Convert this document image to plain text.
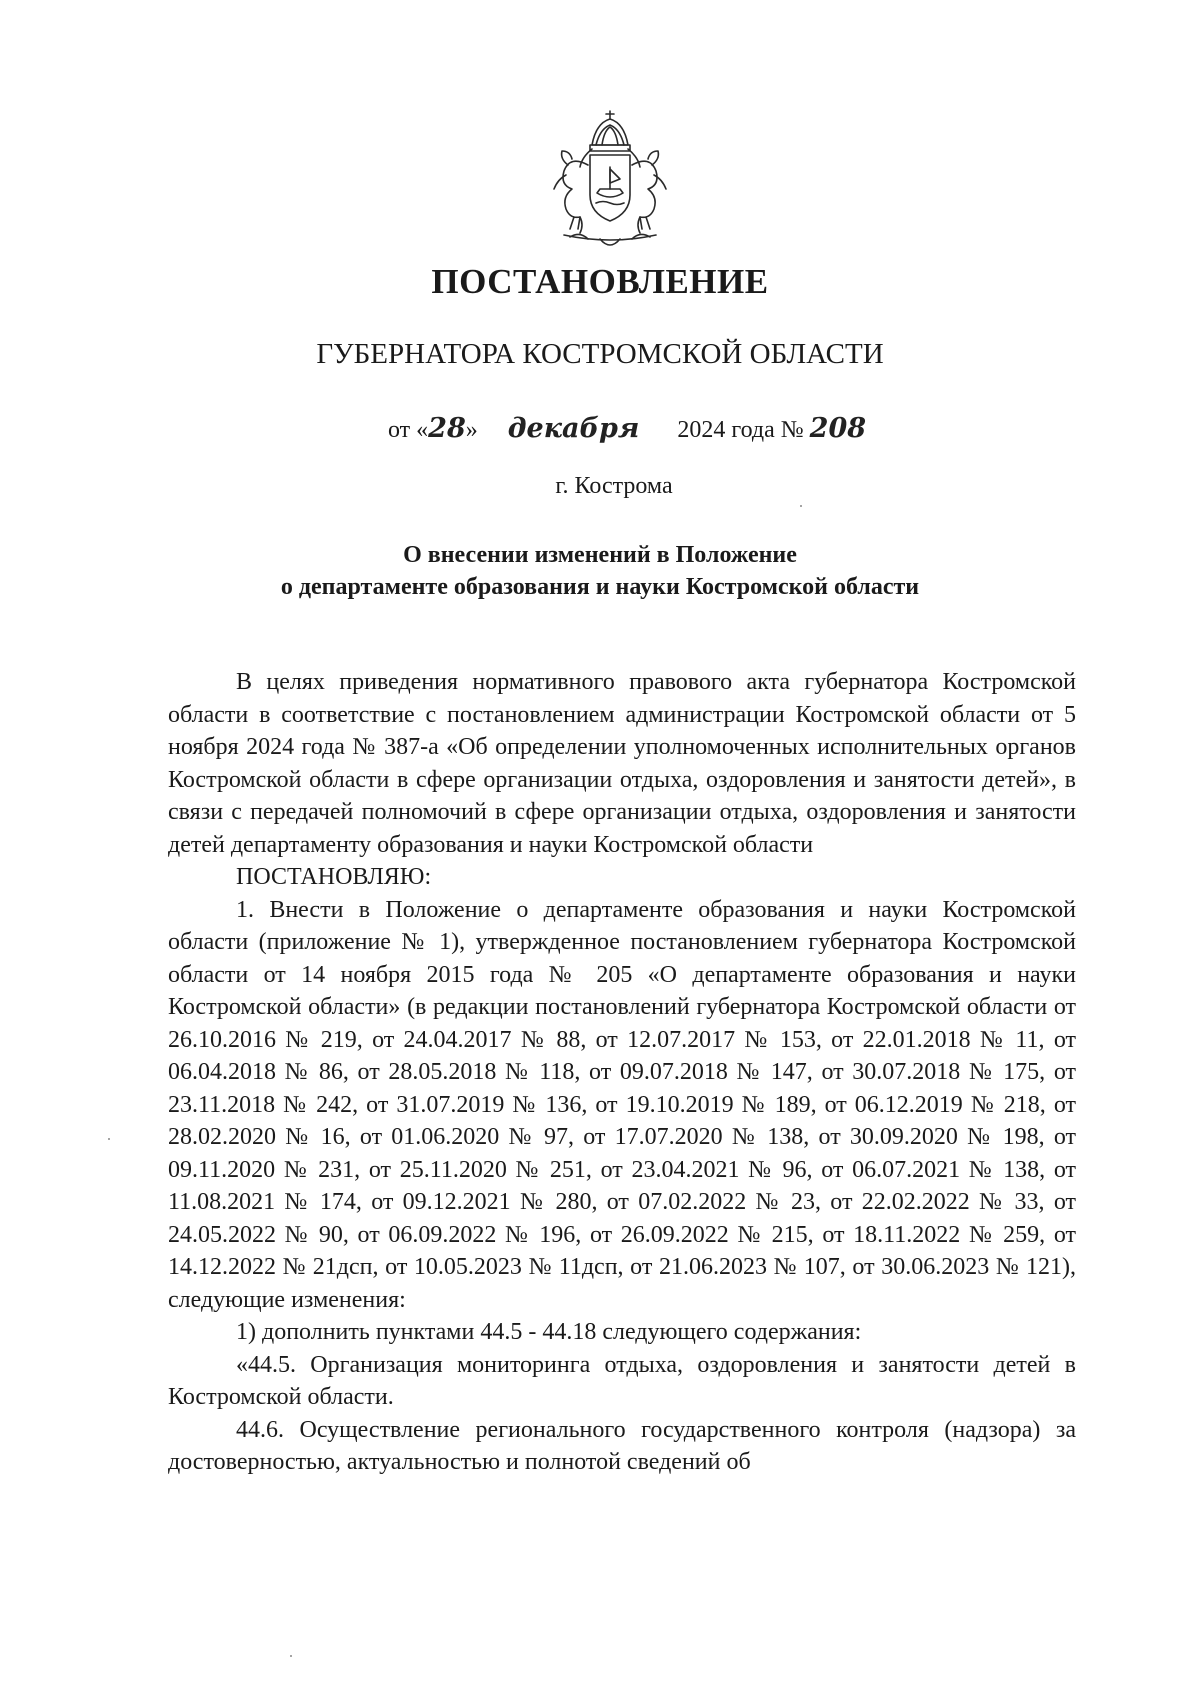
ПОСТАНОВЛЕНИЕ
ГУБЕРНАТОРА КОСТРОМСКОЙ ОБЛАСТИ
от «28» декабря 2024 года № 208
г. Кострома
О внесении изменений в Положение
о департаменте образования и науки Костромской области

В целях приведения нормативного правового акта губернатора Костромской области в соответствие с постановлением администрации Костромской области от 5 ноября 2024 года № 387-а «Об определении уполномоченных исполнительных органов Костромской области в сфере организации отдыха, оздоровления и занятости детей», в связи с передачей полномочий в сфере организации отдыха, оздоровления и занятости детей департаменту образования и науки Костромской области

ПОСТАНОВЛЯЮ:

1. Внести в Положение о департаменте образования и науки Костромской области (приложение № 1), утвержденное постановлением губернатора Костромской области от 14 ноября 2015 года № 205 «О департаменте образования и науки Костромской области» (в редакции постановлений губернатора Костромской области от 26.10.2016 № 219, от 24.04.2017 № 88, от 12.07.2017 № 153, от 22.01.2018 № 11, от 06.04.2018 № 86, от 28.05.2018 № 118, от 09.07.2018 № 147, от 30.07.2018 № 175, от 23.11.2018 № 242, от 31.07.2019 № 136, от 19.10.2019 № 189, от 06.12.2019 № 218, от 28.02.2020 № 16, от 01.06.2020 № 97, от 17.07.2020 № 138, от 30.09.2020 № 198, от 09.11.2020 № 231, от 25.11.2020 № 251, от 23.04.2021 № 96, от 06.07.2021 № 138, от 11.08.2021 № 174, от 09.12.2021 № 280, от 07.02.2022 № 23, от 22.02.2022 № 33, от 24.05.2022 № 90, от 06.09.2022 № 196, от 26.09.2022 № 215, от 18.11.2022 № 259, от 14.12.2022 № 21дсп, от 10.05.2023 № 11дсп, от 21.06.2023 № 107, от 30.06.2023 № 121), следующие изменения:

1) дополнить пунктами 44.5 - 44.18 следующего содержания:

«44.5. Организация мониторинга отдыха, оздоровления и занятости детей в Костромской области.

44.6. Осуществление регионального государственного контроля (надзора) за достоверностью, актуальностью и полнотой сведений об
